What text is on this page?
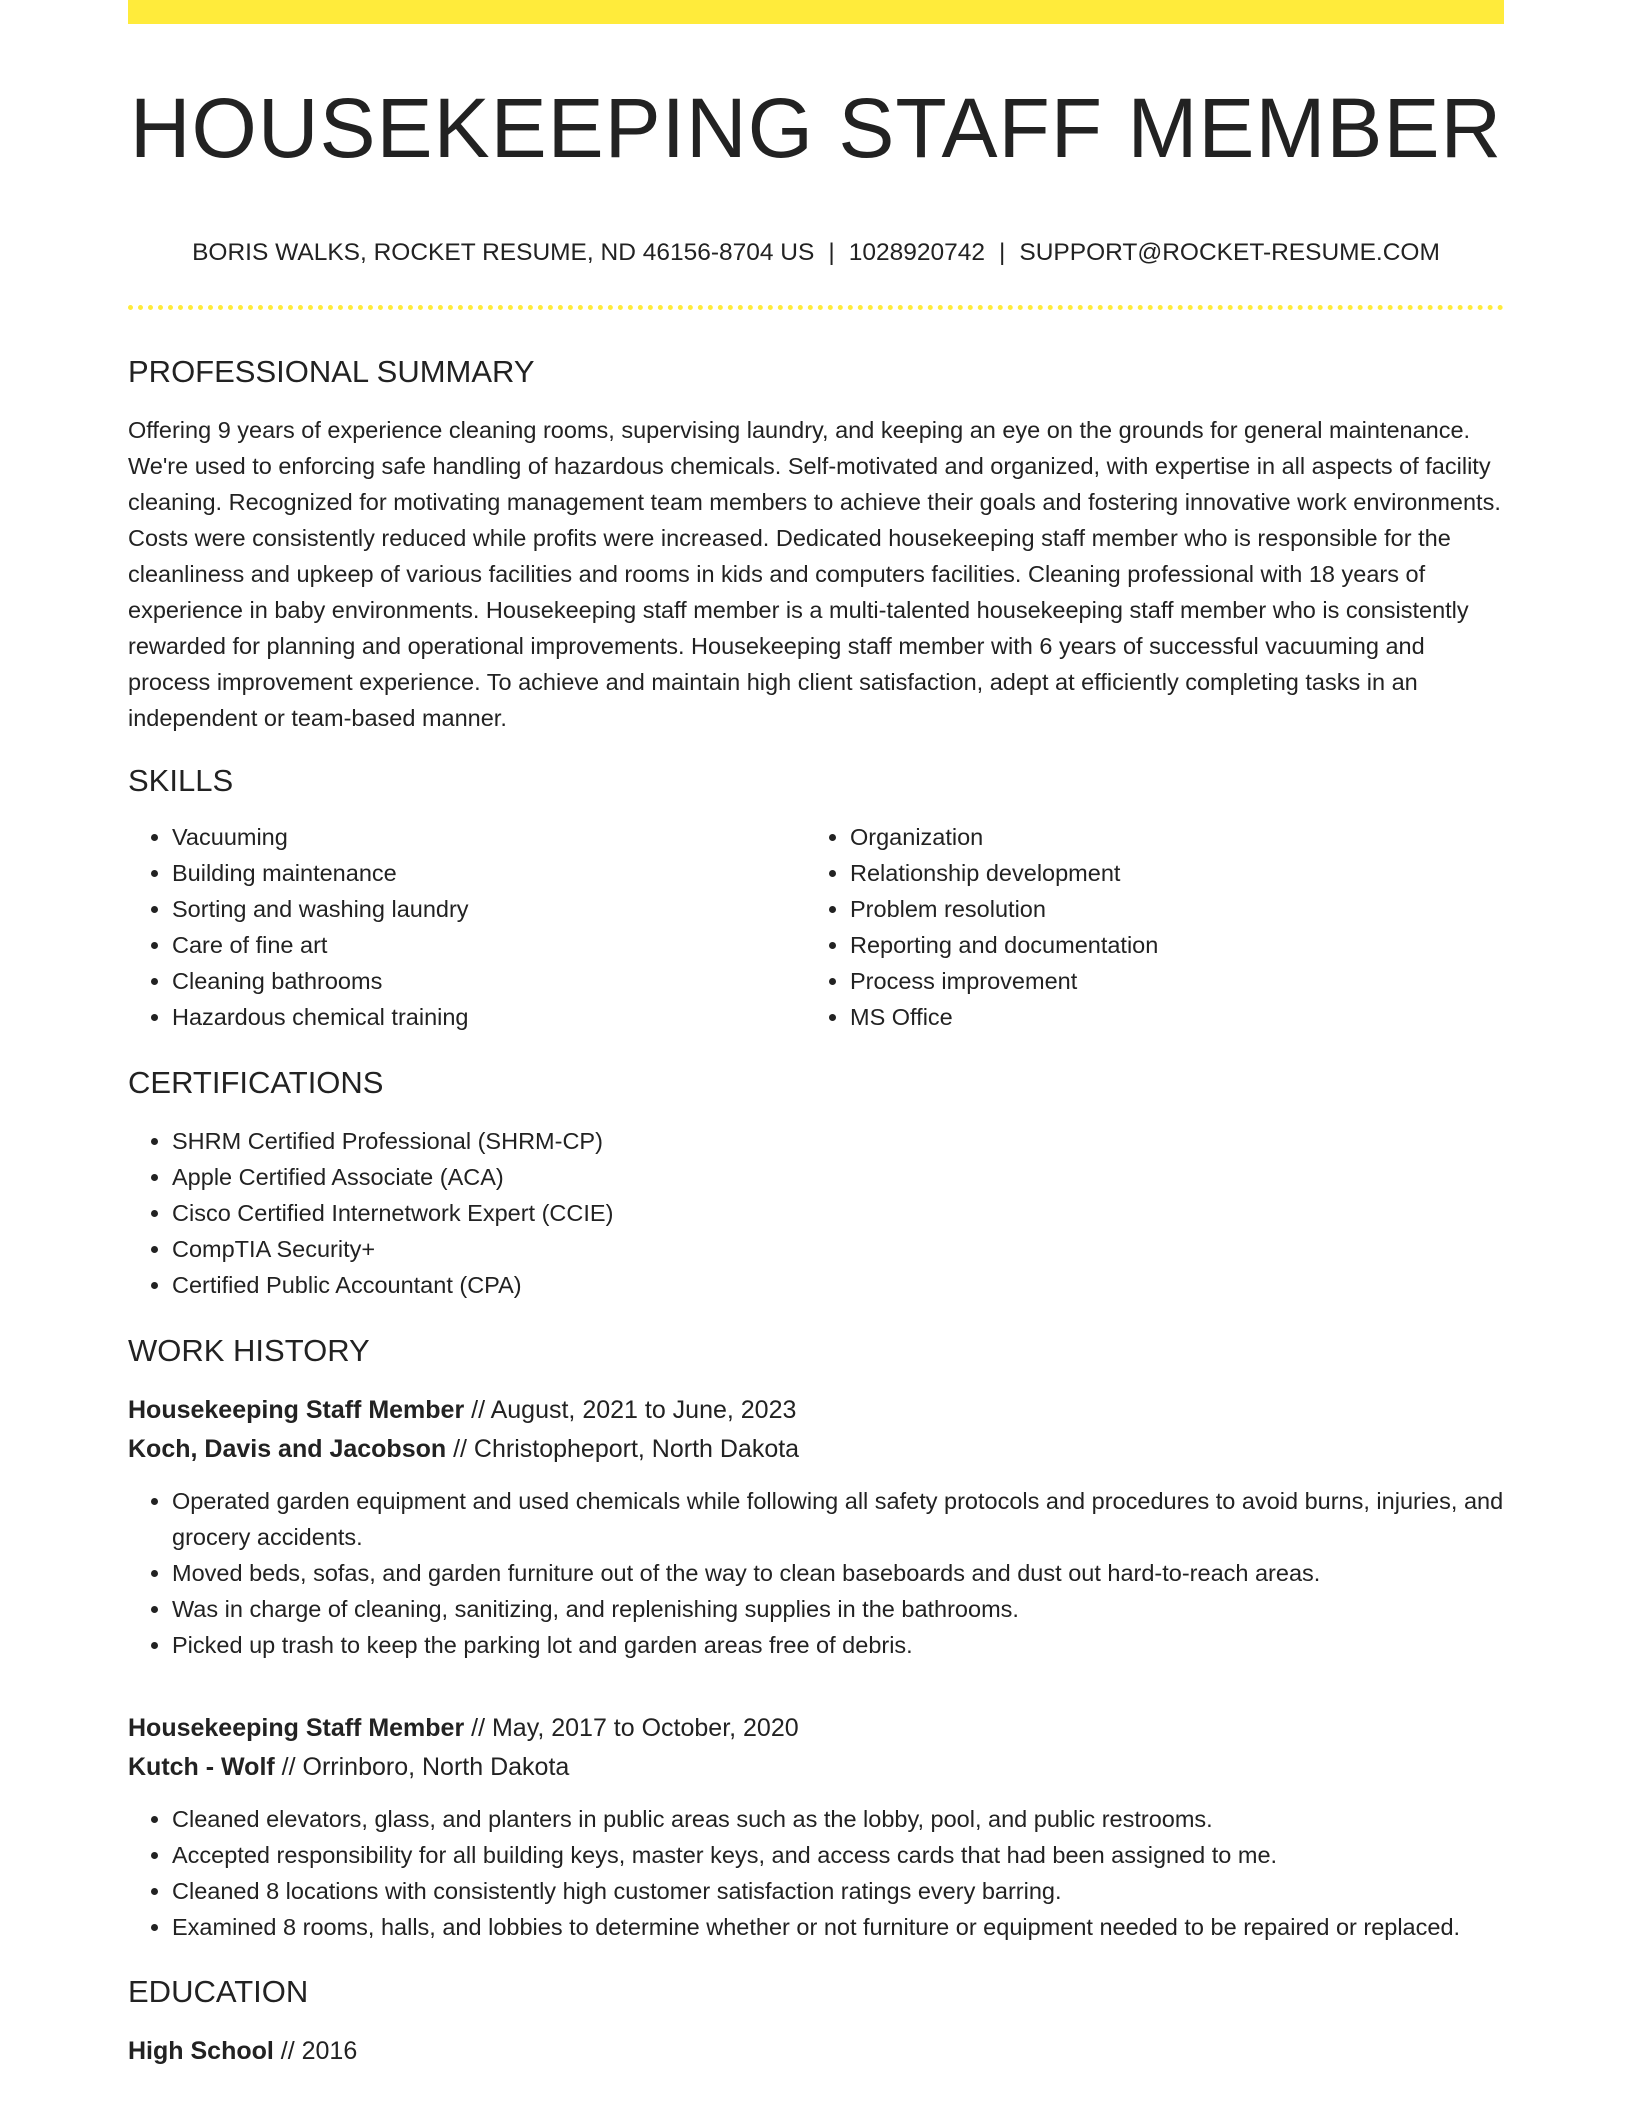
HOUSEKEEPING STAFF MEMBER
BORIS WALKS, ROCKET RESUME, ND 46156-8704 US | 1028920742 | SUPPORT@ROCKET-RESUME.COM
PROFESSIONAL SUMMARY
Offering 9 years of experience cleaning rooms, supervising laundry, and keeping an eye on the grounds for general maintenance. We're used to enforcing safe handling of hazardous chemicals. Self-motivated and organized, with expertise in all aspects of facility cleaning. Recognized for motivating management team members to achieve their goals and fostering innovative work environments. Costs were consistently reduced while profits were increased. Dedicated housekeeping staff member who is responsible for the cleanliness and upkeep of various facilities and rooms in kids and computers facilities. Cleaning professional with 18 years of experience in baby environments. Housekeeping staff member is a multi-talented housekeeping staff member who is consistently rewarded for planning and operational improvements. Housekeeping staff member with 6 years of successful vacuuming and process improvement experience. To achieve and maintain high client satisfaction, adept at efficiently completing tasks in an independent or team-based manner.
SKILLS
• Vacuuming
• Building maintenance
• Sorting and washing laundry
• Care of fine art
• Cleaning bathrooms
• Hazardous chemical training
• Organization
• Relationship development
• Problem resolution
• Reporting and documentation
• Process improvement
• MS Office
CERTIFICATIONS
• SHRM Certified Professional (SHRM-CP)
• Apple Certified Associate (ACA)
• Cisco Certified Internetwork Expert (CCIE)
• CompTIA Security+
• Certified Public Accountant (CPA)
WORK HISTORY
Housekeeping Staff Member // August, 2021 to June, 2023
Koch, Davis and Jacobson // Christopheport, North Dakota
• Operated garden equipment and used chemicals while following all safety protocols and procedures to avoid burns, injuries, and grocery accidents.
• Moved beds, sofas, and garden furniture out of the way to clean baseboards and dust out hard-to-reach areas.
• Was in charge of cleaning, sanitizing, and replenishing supplies in the bathrooms.
• Picked up trash to keep the parking lot and garden areas free of debris.
Housekeeping Staff Member // May, 2017 to October, 2020
Kutch - Wolf // Orrinboro, North Dakota
• Cleaned elevators, glass, and planters in public areas such as the lobby, pool, and public restrooms.
• Accepted responsibility for all building keys, master keys, and access cards that had been assigned to me.
• Cleaned 8 locations with consistently high customer satisfaction ratings every barring.
• Examined 8 rooms, halls, and lobbies to determine whether or not furniture or equipment needed to be repaired or replaced.
EDUCATION
High School // 2016
